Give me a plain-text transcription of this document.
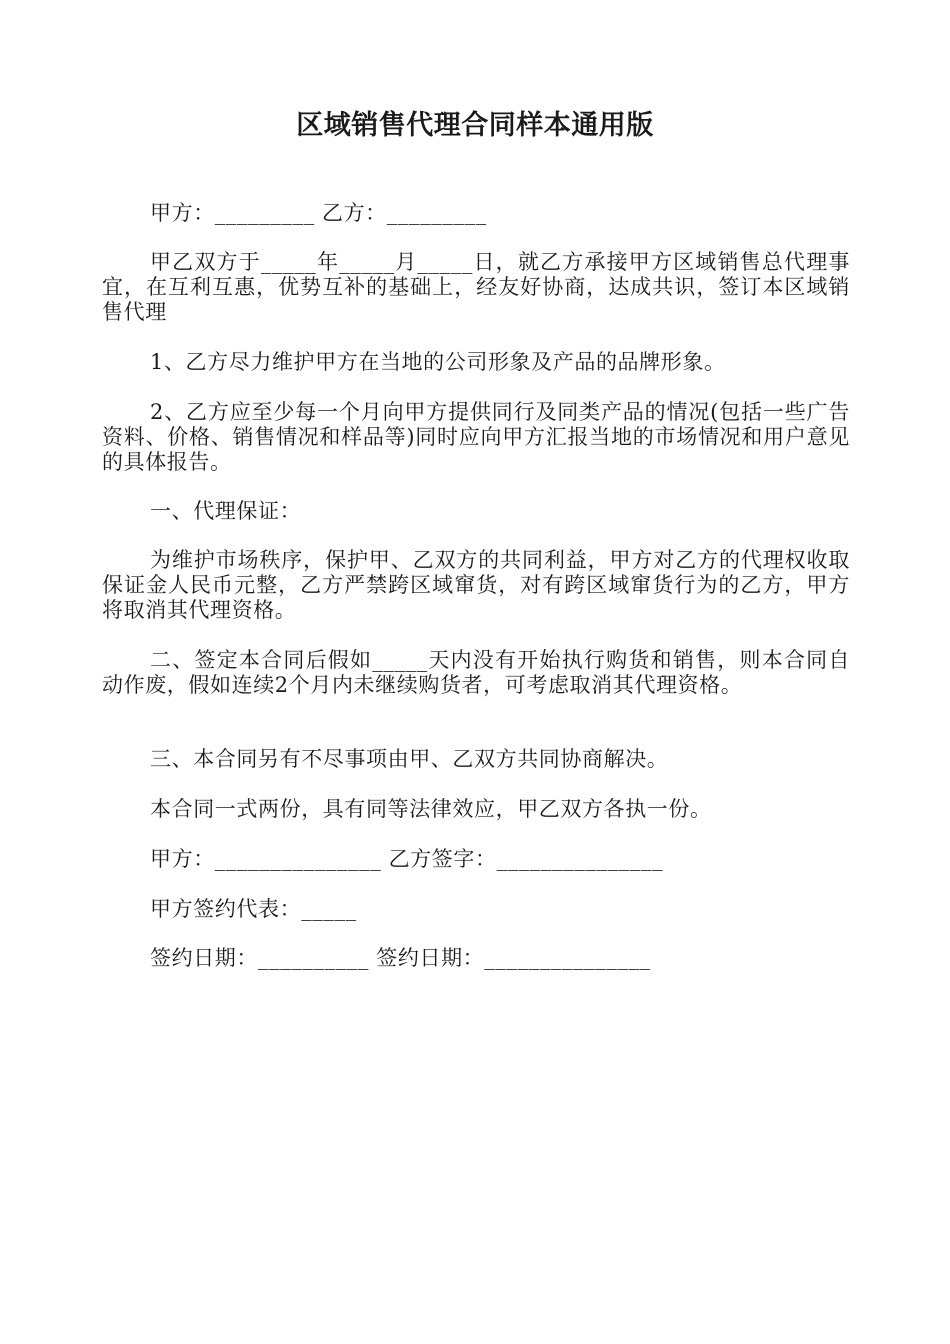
区域销售代理合同样本通用版

甲方：_________ 乙方：_________

甲乙双方于_____年_____月_____日，就乙方承接甲方区域销售总代理事宜，在互利互惠，优势互补的基础上，经友好协商，达成共识，签订本区域销售代理

1、乙方尽力维护甲方在当地的公司形象及产品的品牌形象。

2、乙方应至少每一个月向甲方提供同行及同类产品的情况(包括一些广告资料、价格、销售情况和样品等)同时应向甲方汇报当地的市场情况和用户意见的具体报告。

一、代理保证：

为维护市场秩序，保护甲、乙双方的共同利益，甲方对乙方的代理权收取保证金人民币元整，乙方严禁跨区域窜货，对有跨区域窜货行为的乙方，甲方将取消其代理资格。

二、签定本合同后假如_____天内没有开始执行购货和销售，则本合同自动作废，假如连续2个月内未继续购货者，可考虑取消其代理资格。

三、本合同另有不尽事项由甲、乙双方共同协商解决。

本合同一式两份，具有同等法律效应，甲乙双方各执一份。

甲方：_______________ 乙方签字：_______________

甲方签约代表：_____

签约日期：__________ 签约日期：_______________
